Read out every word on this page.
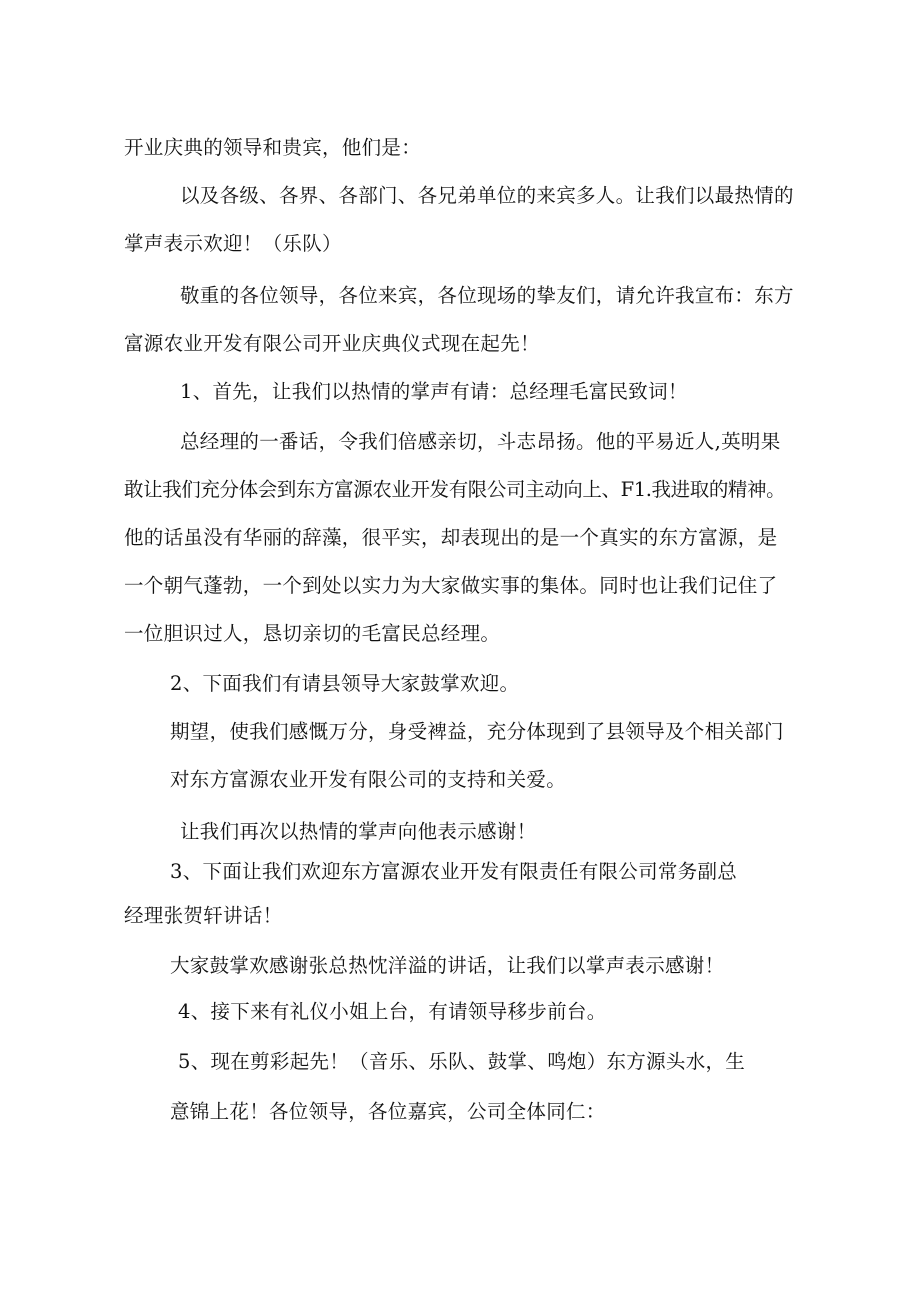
开业庆典的领导和贵宾，他们是：
以及各级、各界、各部门、各兄弟单位的来宾多人。让我们以最热情的
掌声表示欢迎！（乐队）
敬重的各位领导，各位来宾，各位现场的挚友们，请允许我宣布：东方
富源农业开发有限公司开业庆典仪式现在起先！
1、首先，让我们以热情的掌声有请：总经理毛富民致词！
总经理的一番话，令我们倍感亲切，斗志昂扬。他的平易近人,英明果
敢让我们充分体会到东方富源农业开发有限公司主动向上、F1.我进取的精神。
他的话虽没有华丽的辞藻，很平实，却表现出的是一个真实的东方富源，是
一个朝气蓬勃，一个到处以实力为大家做实事的集体。同时也让我们记住了
一位胆识过人，恳切亲切的毛富民总经理。
2、下面我们有请县领导大家鼓掌欢迎。
期望，使我们感慨万分，身受裨益，充分体现到了县领导及个相关部门
对东方富源农业开发有限公司的支持和关爱。
让我们再次以热情的掌声向他表示感谢！
3、下面让我们欢迎东方富源农业开发有限责任有限公司常务副总
经理张贺轩讲话！
大家鼓掌欢感谢张总热忱洋溢的讲话，让我们以掌声表示感谢！
4、接下来有礼仪小姐上台，有请领导移步前台。
5、现在剪彩起先！（音乐、乐队、鼓掌、鸣炮）东方源头水，生
意锦上花！各位领导，各位嘉宾，公司全体同仁：
